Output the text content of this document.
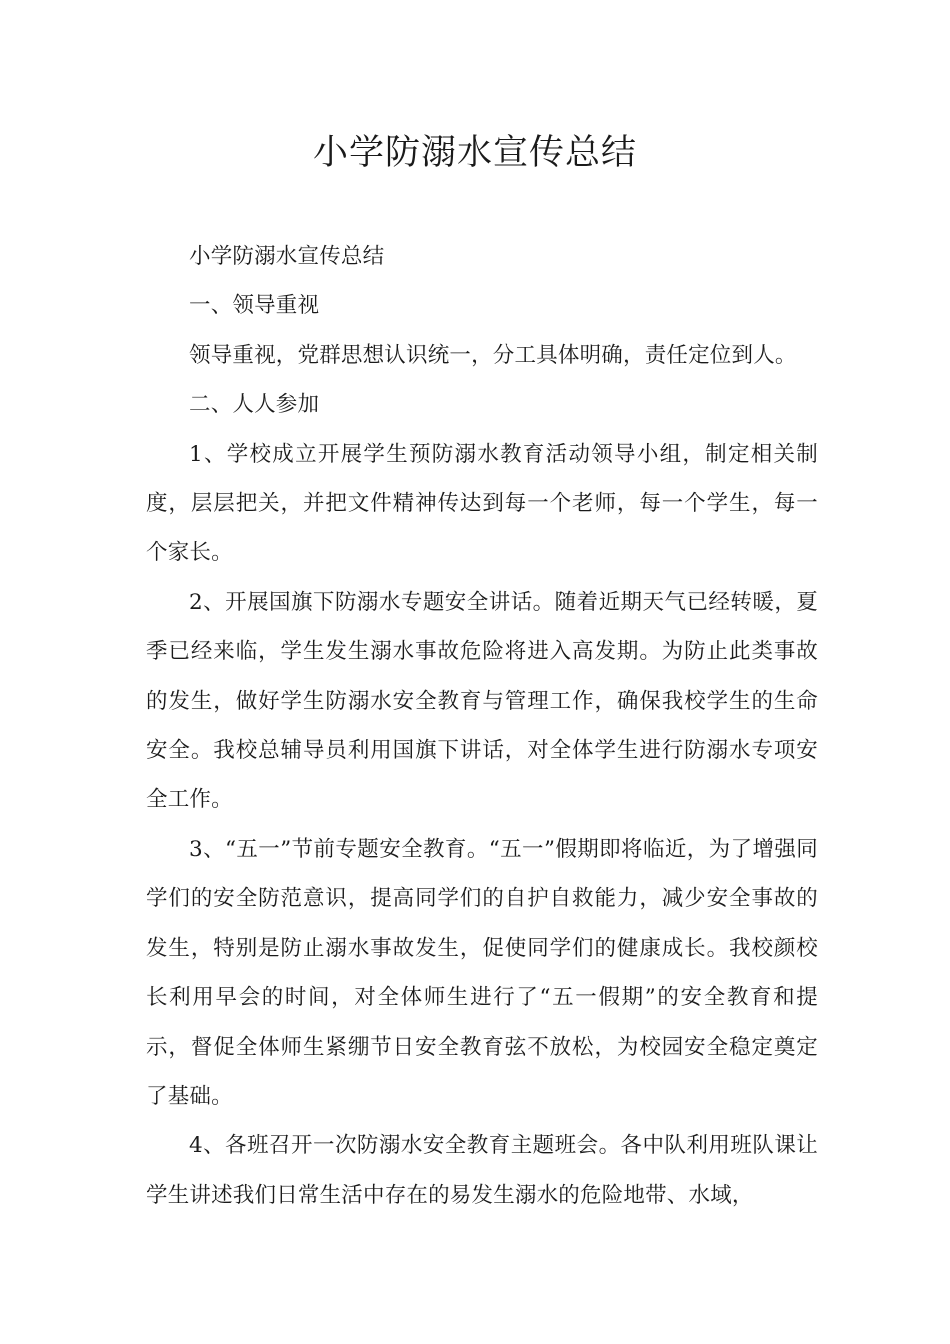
小学防溺水宣传总结

小学防溺水宣传总结

一、领导重视

领导重视，党群思想认识统一，分工具体明确，责任定位到人。

二、人人参加

1、学校成立开展学生预防溺水教育活动领导小组，制定相关制度，层层把关，并把文件精神传达到每一个老师，每一个学生，每一个家长。

2、开展国旗下防溺水专题安全讲话。随着近期天气已经转暖，夏季已经来临，学生发生溺水事故危险将进入高发期。为防止此类事故的发生，做好学生防溺水安全教育与管理工作，确保我校学生的生命安全。我校总辅导员利用国旗下讲话，对全体学生进行防溺水专项安全工作。

3、“五一”节前专题安全教育。“五一”假期即将临近，为了增强同学们的安全防范意识，提高同学们的自护自救能力，减少安全事故的发生，特别是防止溺水事故发生，促使同学们的健康成长。我校颜校长利用早会的时间，对全体师生进行了“五一假期”的安全教育和提示，督促全体师生紧绷节日安全教育弦不放松，为校园安全稳定奠定了基础。

4、各班召开一次防溺水安全教育主题班会。各中队利用班队课让学生讲述我们日常生活中存在的易发生溺水的危险地带、水域，
